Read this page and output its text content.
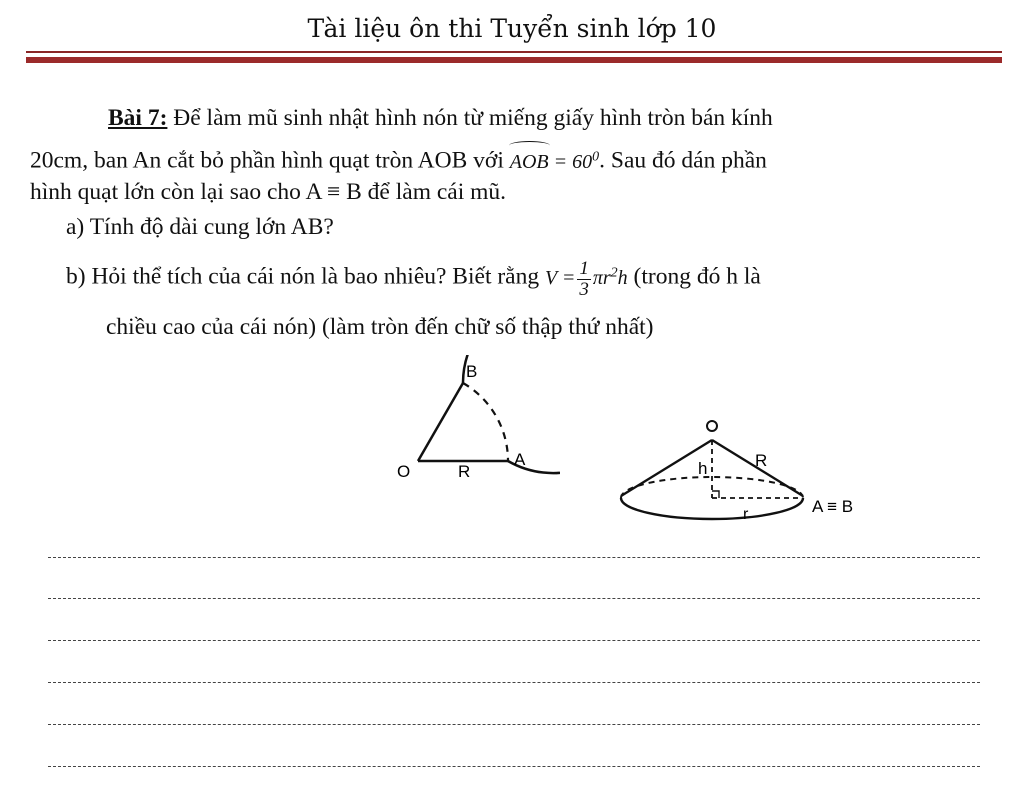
Tài liệu ôn thi Tuyển sinh lớp 10
Bài 7: Để làm mũ sinh nhật hình nón từ miếng giấy hình tròn bán kính
20cm, ban An cắt bỏ phần hình quạt tròn AOB với
AOB = $60^0$. Sau đó dán phần
hình quạt lớn còn lại sao cho A ≡ B để làm cái mũ.
a) Tính độ dài cung lớn AB?
b) Hỏi thể tích của cái nón là bao nhiêu? Biết rằng $V = \frac{1}{3} \pi r^2h$ (trong đó h là
chiều cao của cái nón) (làm tròn đến chữ số thập thứ nhất)
B
O	R
A	h	R
r	A ≡ B
